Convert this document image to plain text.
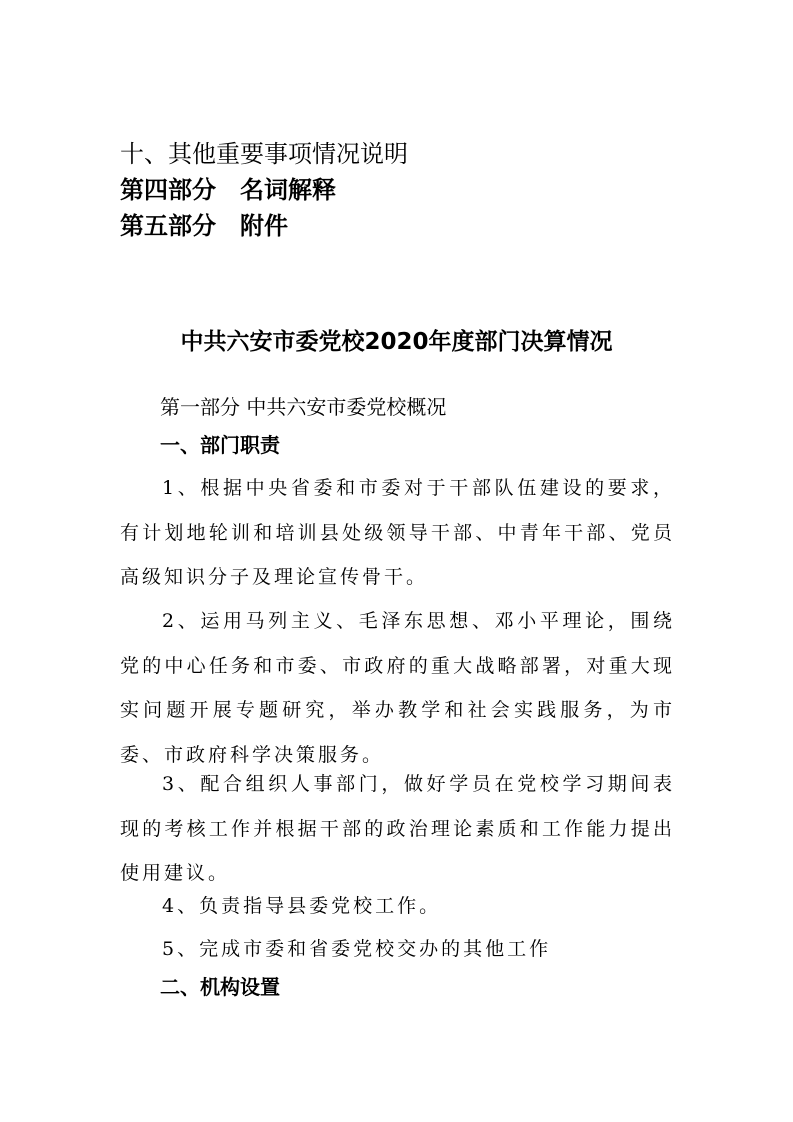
十、其他重要事项情况说明
第四部分　名词解释
第五部分　附件
中共六安市委党校2020年度部门决算情况
第一部分 中共六安市委党校概况
一、部门职责

1、根据中央省委和市委对于干部队伍建设的要求，有计划地轮训和培训县处级领导干部、中青年干部、党员高级知识分子及理论宣传骨干。

2、运用马列主义、毛泽东思想、邓小平理论，围绕党的中心任务和市委、市政府的重大战略部署，对重大现实问题开展专题研究，举办教学和社会实践服务，为市委、市政府科学决策服务。

3、配合组织人事部门，做好学员在党校学习期间表现的考核工作并根据干部的政治理论素质和工作能力提出使用建议。

4、负责指导县委党校工作。

5、完成市委和省委党校交办的其他工作

二、机构设置
